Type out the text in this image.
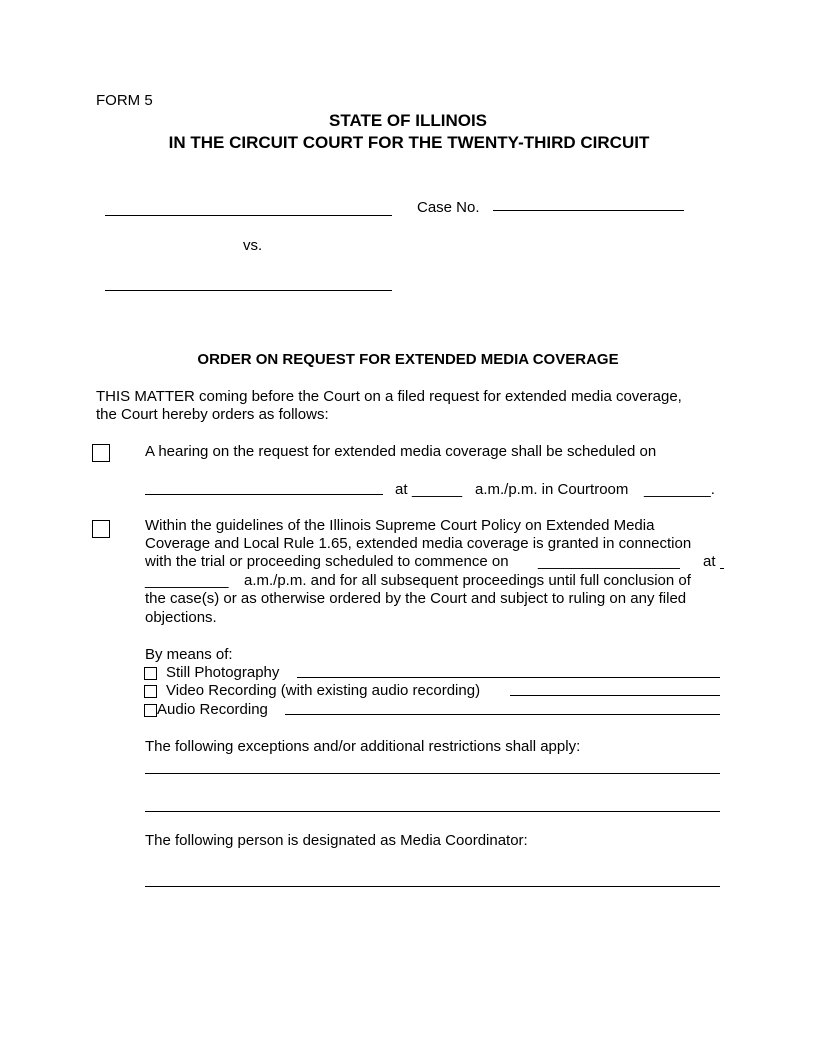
FORM 5
STATE OF ILLINOIS
IN THE CIRCUIT COURT FOR THE TWENTY-THIRD CIRCUIT
Case No.
vs.
ORDER ON REQUEST FOR EXTENDED MEDIA COVERAGE
THIS MATTER coming before the Court on a filed request for extended media coverage,
the Court hereby orders as follows:
A hearing on the request for extended media coverage shall be scheduled on
at ______ a.m./p.m. in Courtroom ________.
Within the guidelines of the Illinois Supreme Court Policy on Extended Media
Coverage and Local Rule 1.65, extended media coverage is granted in connection
with the trial or proceeding scheduled to commence on _________________ at
__________ a.m./p.m. and for all subsequent proceedings until full conclusion of
the case(s) or as otherwise ordered by the Court and subject to ruling on any filed
objections.
By means of:
Still Photography
Video Recording (with existing audio recording)
Audio Recording
The following exceptions and/or additional restrictions shall apply:
The following person is designated as Media Coordinator:
